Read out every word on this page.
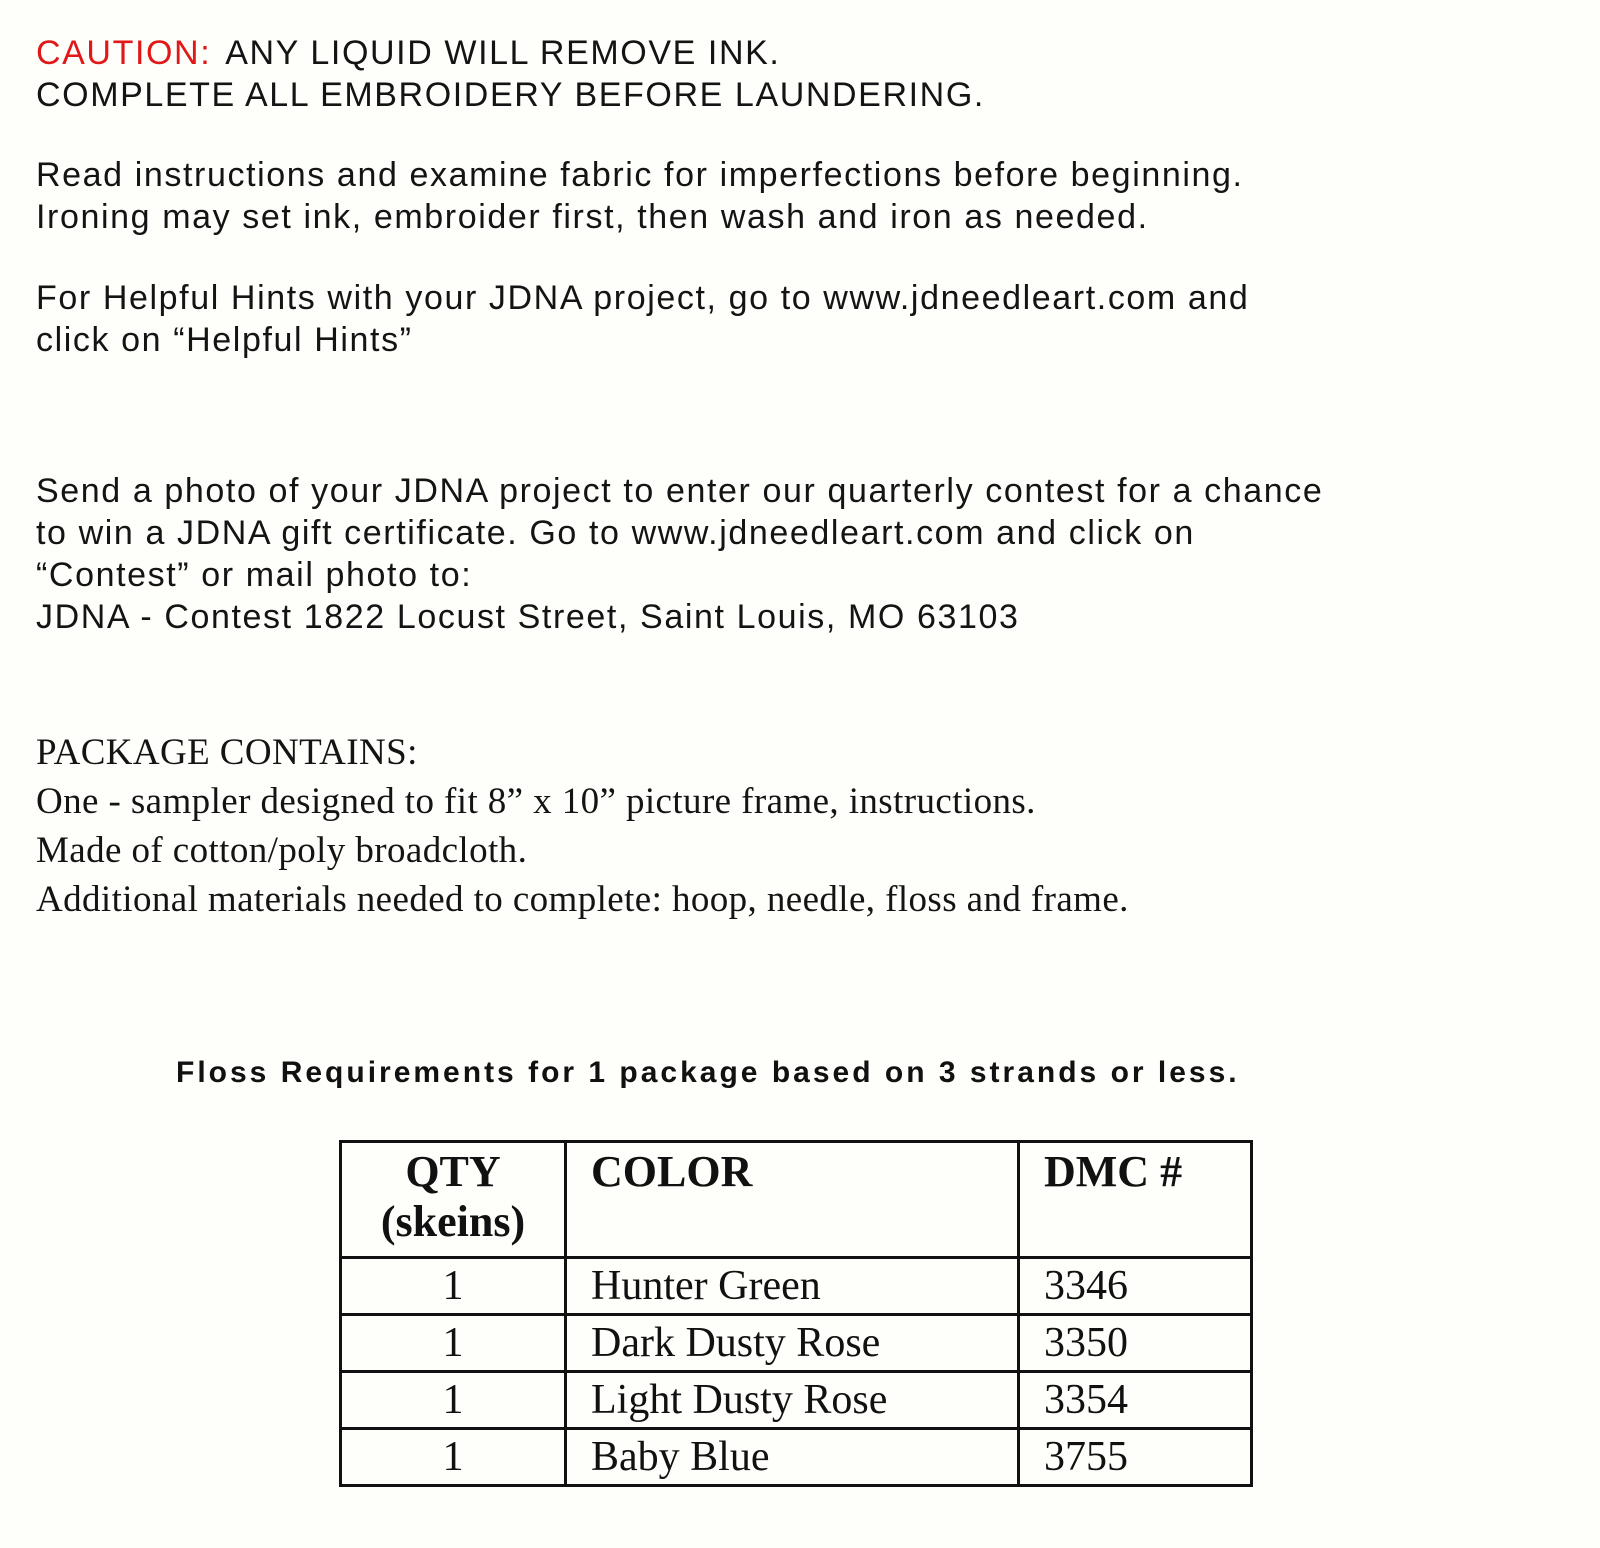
CAUTION: ANY LIQUID WILL REMOVE INK.
COMPLETE ALL EMBROIDERY BEFORE LAUNDERING.
Read instructions and examine fabric for imperfections before beginning.
Ironing may set ink, embroider first, then wash and iron as needed.
For Helpful Hints with your JDNA project, go to www.jdneedleart.com and
click on “Helpful Hints”
Send a photo of your JDNA project to enter our quarterly contest for a chance
to win a JDNA gift certificate. Go to www.jdneedleart.com and click on
“Contest” or mail photo to:
JDNA - Contest 1822 Locust Street, Saint Louis, MO 63103
PACKAGE CONTAINS:
One - sampler designed to fit 8” x 10” picture frame, instructions.
Made of cotton/poly broadcloth.
Additional materials needed to complete: hoop, needle, floss and frame.

Floss Requirements for 1 package based on 3 strands or less.

QTY
(skeins)	COLOR	DMC #
1	Hunter Green	3346
1	Dark Dusty Rose	3350
1	Light Dusty Rose	3354
1	Baby Blue	3755
